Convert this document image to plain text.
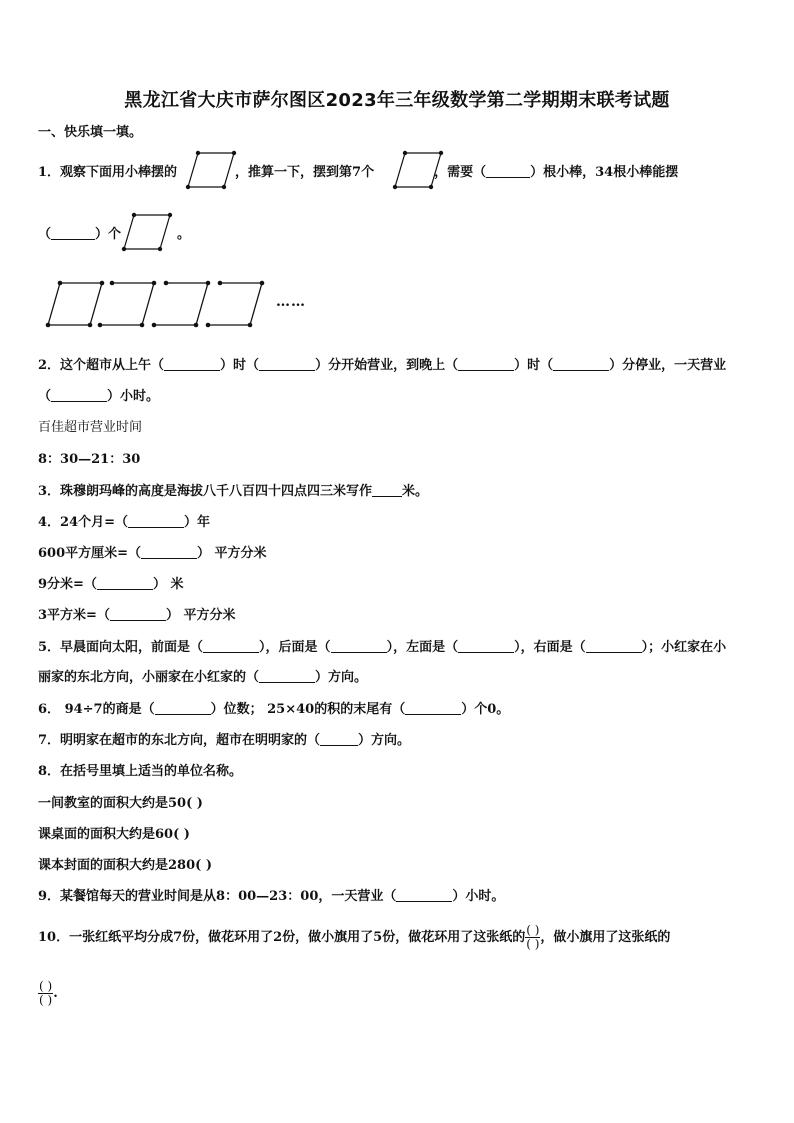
黑龙江省大庆市萨尔图区2023年三年级数学第二学期期末联考试题
一、快乐填一填。
1．观察下面用小棒摆的	，推算一下，摆到第7个	，需要（	）根小棒，34根小棒能摆
（	）个	。
……
2．这个超市从上午（	）时（	）分开始营业，到晚上（	）时（	）分停业，一天营业
（	）小时。
百佳超市营业时间
8：30—21：30
3．珠穆朗玛峰的高度是海拔八千八百四十四点四三米写作 米。
4．24个月=（	）年
600平方厘米=（	） 平方分米
9分米=（	） 米
3平方米=（	） 平方分米
5．早晨面向太阳，前面是（	），后面是（	），左面是（	），右面是（	）；小红家在小
丽家的东北方向，小丽家在小红家的（	）方向。
6． 94÷7的商是（	）位数； 25×40的积的末尾有（	）个0。
7．明明家在超市的东北方向，超市在明明家的（	）方向。
8．在括号里填上适当的单位名称。
一间教室的面积大约是50( )
课桌面的面积大约是60( )
课本封面的面积大约是280( )
9．某餐馆每天的营业时间是从8：00—23：00，一天营业（	）小时。
10．一张红纸平均分成7份，做花环用了2份，做小旗用了5份，做花环用了这张纸的 $\frac{( )}{( )}$ ，做小旗用了这张纸的
$\frac{( )}{( )}$ .
